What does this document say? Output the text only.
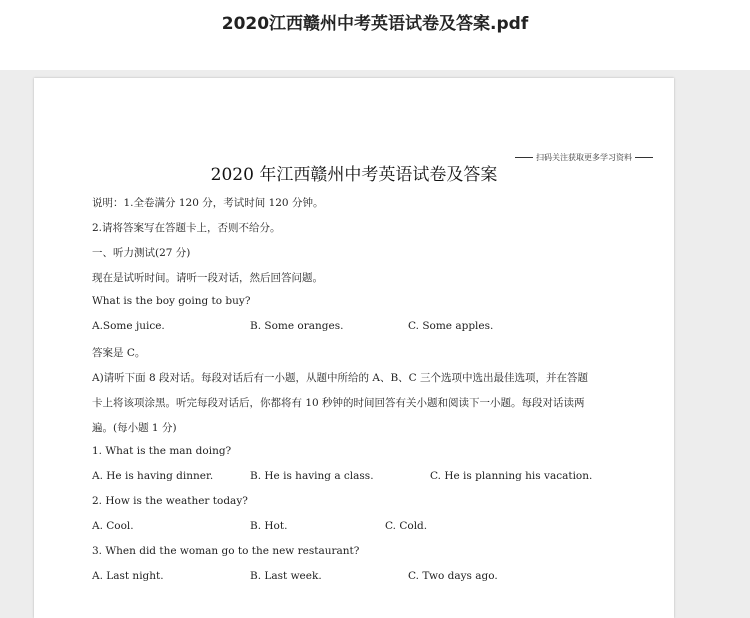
2020江西赣州中考英语试卷及答案.pdf
扫码关注获取更多学习资料
2020 年江西赣州中考英语试卷及答案
说明：1.全卷满分 120 分，考试时间 120 分钟。
2.请将答案写在答题卡上，否则不给分。
一、听力测试(27 分)
现在是试听时间。请听一段对话，然后回答问题。
What is the boy going to buy?
A.Some juice.	B. Some oranges.	C. Some apples.
答案是 C。
A)请听下面 8 段对话。每段对话后有一小题，从题中所给的 A、B、C 三个选项中选出最佳选项，并在答题
卡上将该项涂黑。听完每段对话后，你都将有 10 秒钟的时间回答有关小题和阅读下一小题。每段对话读两
遍。(每小题 1 分)
1. What is the man doing?
A. He is having dinner.	B. He is having a class.	C. He is planning his vacation.
2. How is the weather today?
A. Cool.	B. Hot.	C. Cold.
3. When did the woman go to the new restaurant?
A. Last night.	B. Last week.	C. Two days ago.
